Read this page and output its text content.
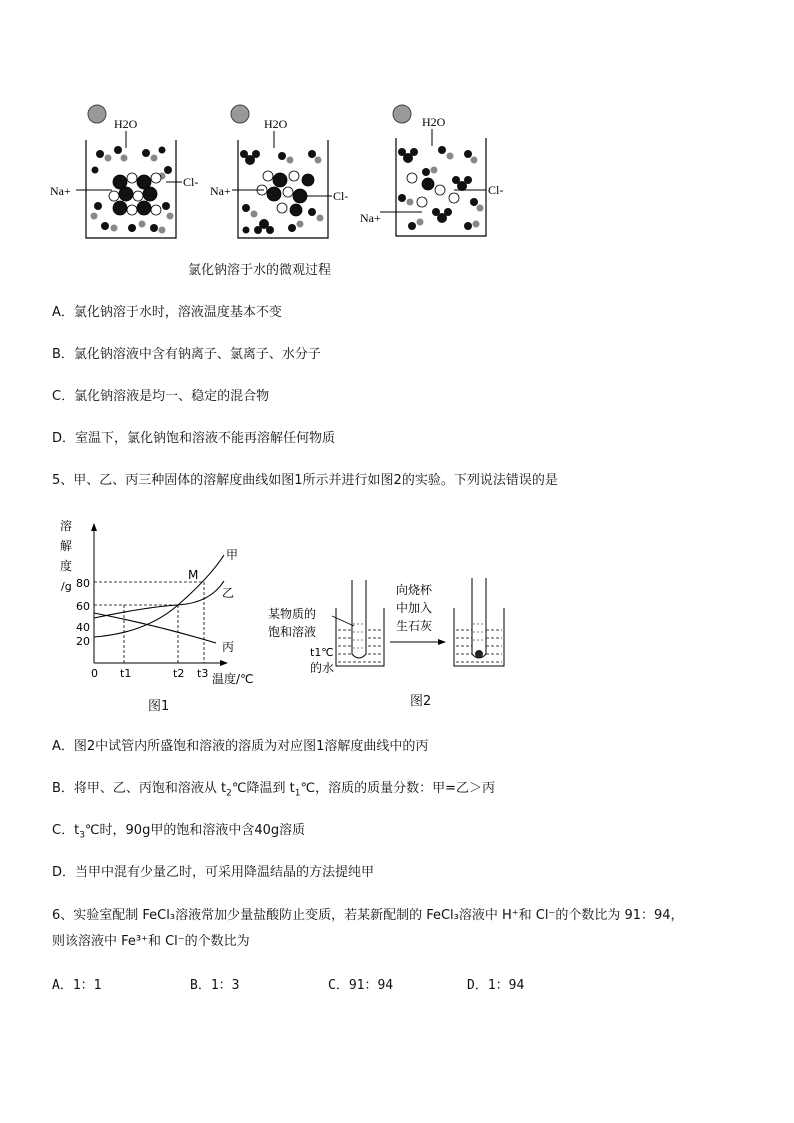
H2O
Cl-
Na+
H2O
Cl-
Na+
H2O
Cl-
Na+
氯化钠溶于水的微观过程
A．氯化钠溶于水时，溶液温度基本不变
B．氯化钠溶液中含有钠离子、氯离子、水分子
C．氯化钠溶液是均一、稳定的混合物
D．室温下，氯化钠饱和溶液不能再溶解任何物质
5、甲、乙、丙三种固体的溶解度曲线如图1所示并进行如图2的实验。下列说法错误的是
溶
解
度
/g 80
60
40
20
0 t1	t2 t3 温度/℃
M
甲
乙
丙
图1
某物质的
饱和溶液
t1℃
的水
向烧杯
中加入
生石灰
图2
A．图2中试管内所盛饱和溶液的溶质为对应图1溶解度曲线中的丙
B．将甲、乙、丙饱和溶液从 $t_2℃$降温到 $t_1℃$，溶质的质量分数：甲=乙＞丙
C．$t_3℃$时，90g甲的饱和溶液中含40g溶质
D．当甲中混有少量乙时，可采用降温结晶的方法提纯甲
6、实验室配制 FeCl₃溶液常加少量盐酸防止变质，若某新配制的 FeCl₃溶液中 H⁺和 Cl⁻的个数比为 91：94，
则该溶液中 Fe³⁺和 Cl⁻的个数比为
A．1：1	B．1：3	C．91：94	D．1：94
